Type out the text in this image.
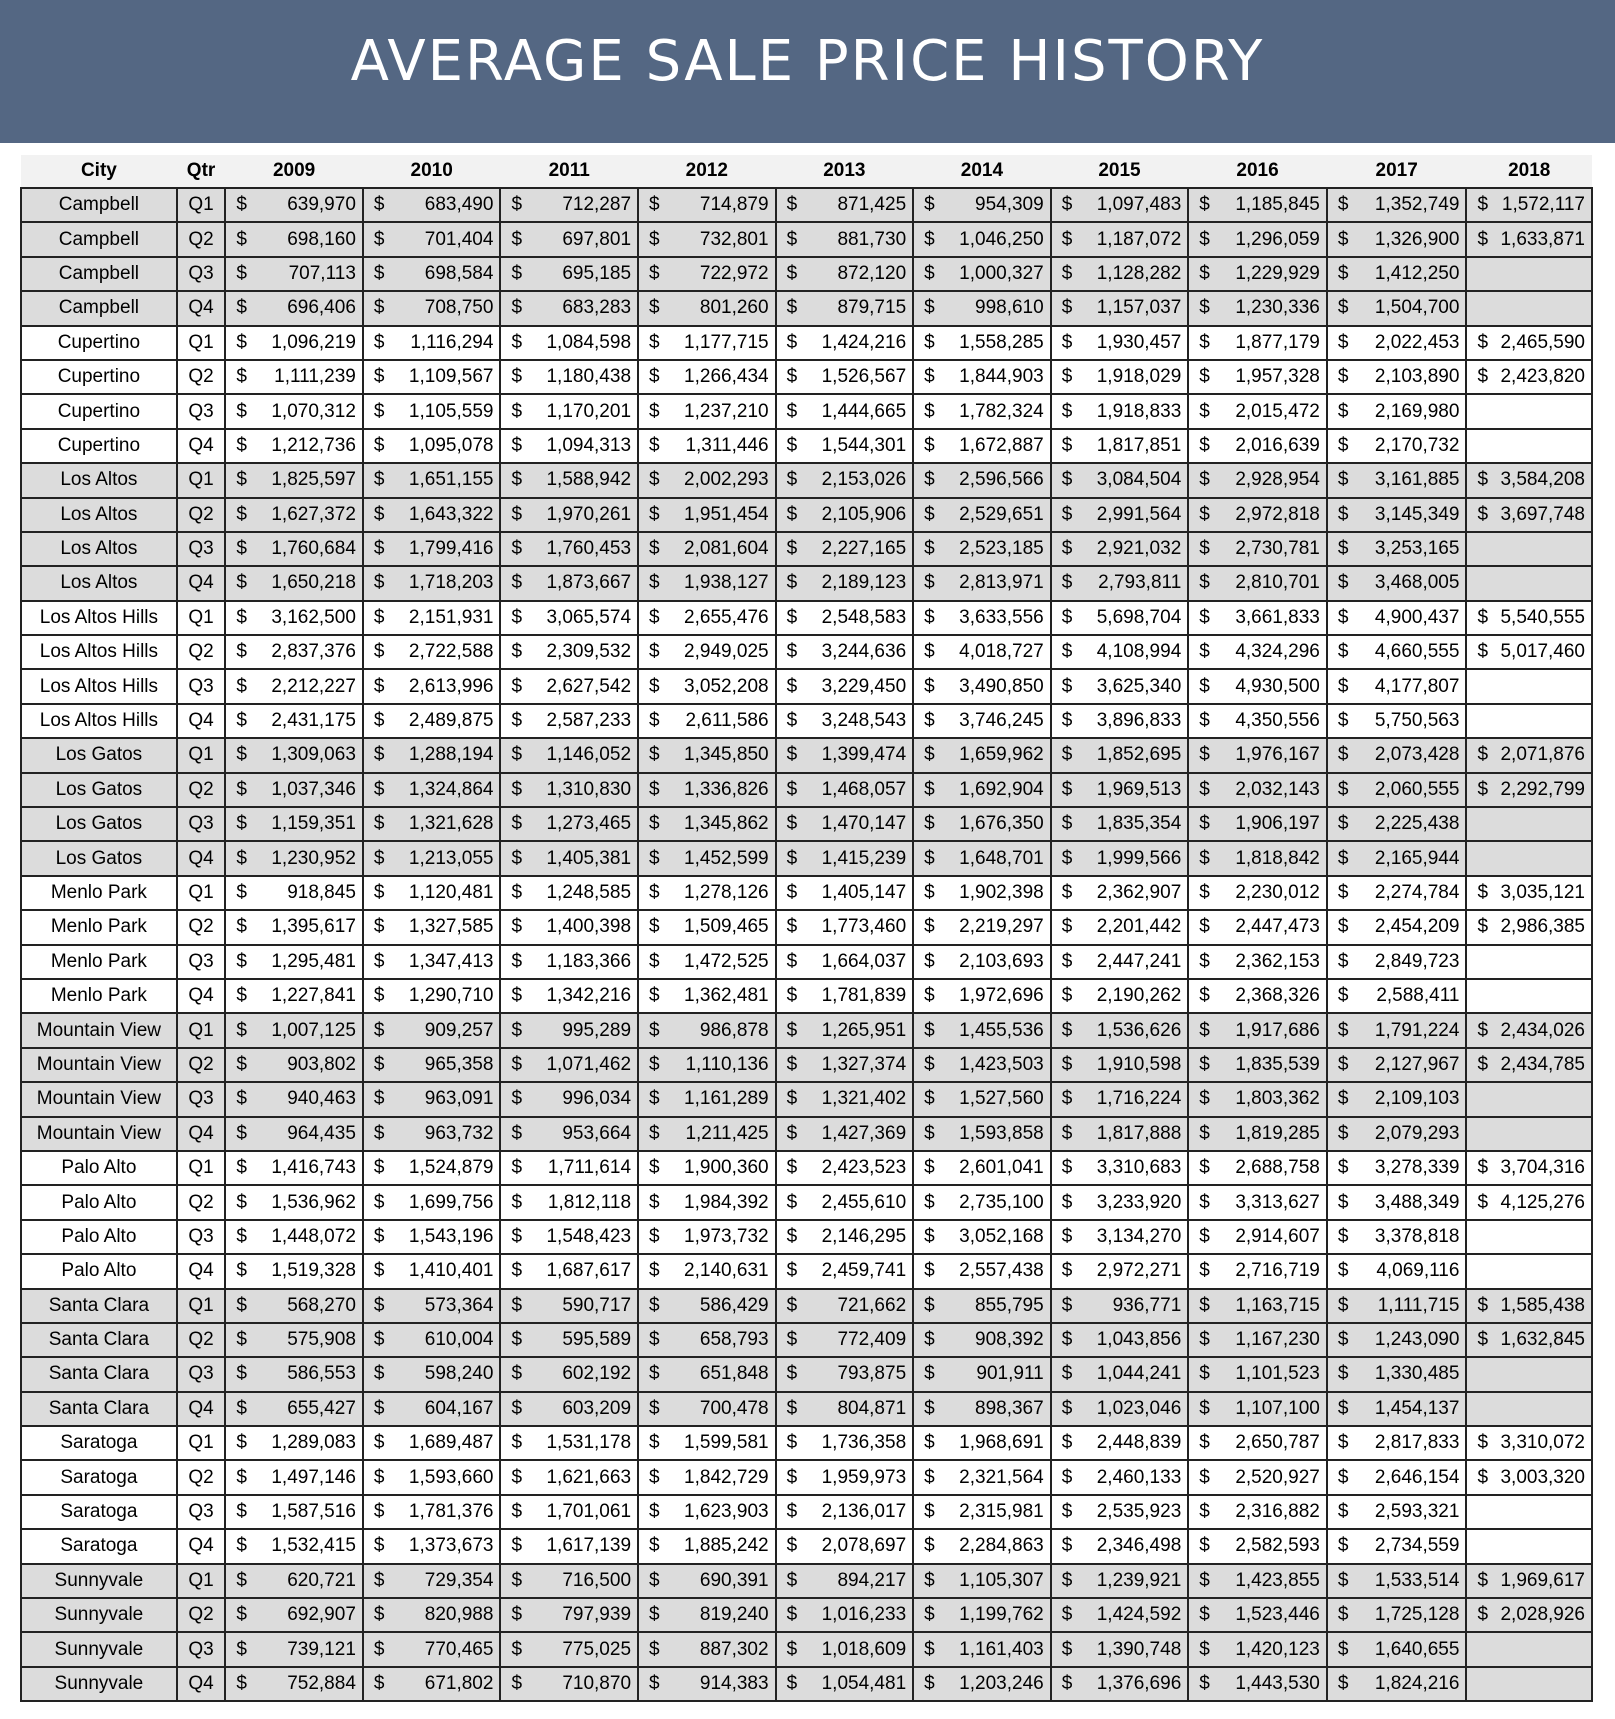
AVERAGE SALE PRICE HISTORY
City	Qtr	2009	2010	2011	2012	2013	2014	2015	2016	2017	2018
Campbell	Q1	$ 639,970	$ 683,490	$ 712,287	$ 714,879	$ 871,425	$ 954,309	$ 1,097,483	$ 1,185,845	$ 1,352,749	$ 1,572,117

Campbell	Q2	$ 698,160	$ 701,404	$ 697,801	$ 732,801	$ 881,730	$ 1,046,250	$ 1,187,072	$ 1,296,059	$ 1,326,900	$ 1,633,871

Campbell	Q3	$ 707,113	$ 698,584	$ 695,185	$ 722,972	$ 872,120	$ 1,000,327	$ 1,128,282	$ 1,229,929	$ 1,412,250	

Campbell	Q4	$ 696,406	$ 708,750	$ 683,283	$ 801,260	$ 879,715	$ 998,610	$ 1,157,037	$ 1,230,336	$ 1,504,700	

Cupertino	Q1	$ 1,096,219	$ 1,116,294	$ 1,084,598	$ 1,177,715	$ 1,424,216	$ 1,558,285	$ 1,930,457	$ 1,877,179	$ 2,022,453	$ 2,465,590

Cupertino	Q2	$ 1,111,239	$ 1,109,567	$ 1,180,438	$ 1,266,434	$ 1,526,567	$ 1,844,903	$ 1,918,029	$ 1,957,328	$ 2,103,890	$ 2,423,820

Cupertino	Q3	$ 1,070,312	$ 1,105,559	$ 1,170,201	$ 1,237,210	$ 1,444,665	$ 1,782,324	$ 1,918,833	$ 2,015,472	$ 2,169,980	

Cupertino	Q4	$ 1,212,736	$ 1,095,078	$ 1,094,313	$ 1,311,446	$ 1,544,301	$ 1,672,887	$ 1,817,851	$ 2,016,639	$ 2,170,732	

Los Altos	Q1	$ 1,825,597	$ 1,651,155	$ 1,588,942	$ 2,002,293	$ 2,153,026	$ 2,596,566	$ 3,084,504	$ 2,928,954	$ 3,161,885	$ 3,584,208

Los Altos	Q2	$ 1,627,372	$ 1,643,322	$ 1,970,261	$ 1,951,454	$ 2,105,906	$ 2,529,651	$ 2,991,564	$ 2,972,818	$ 3,145,349	$ 3,697,748

Los Altos	Q3	$ 1,760,684	$ 1,799,416	$ 1,760,453	$ 2,081,604	$ 2,227,165	$ 2,523,185	$ 2,921,032	$ 2,730,781	$ 3,253,165	

Los Altos	Q4	$ 1,650,218	$ 1,718,203	$ 1,873,667	$ 1,938,127	$ 2,189,123	$ 2,813,971	$ 2,793,811	$ 2,810,701	$ 3,468,005	

Los Altos Hills	Q1	$ 3,162,500	$ 2,151,931	$ 3,065,574	$ 2,655,476	$ 2,548,583	$ 3,633,556	$ 5,698,704	$ 3,661,833	$ 4,900,437	$ 5,540,555

Los Altos Hills	Q2	$ 2,837,376	$ 2,722,588	$ 2,309,532	$ 2,949,025	$ 3,244,636	$ 4,018,727	$ 4,108,994	$ 4,324,296	$ 4,660,555	$ 5,017,460

Los Altos Hills	Q3	$ 2,212,227	$ 2,613,996	$ 2,627,542	$ 3,052,208	$ 3,229,450	$ 3,490,850	$ 3,625,340	$ 4,930,500	$ 4,177,807	

Los Altos Hills	Q4	$ 2,431,175	$ 2,489,875	$ 2,587,233	$ 2,611,586	$ 3,248,543	$ 3,746,245	$ 3,896,833	$ 4,350,556	$ 5,750,563	

Los Gatos	Q1	$ 1,309,063	$ 1,288,194	$ 1,146,052	$ 1,345,850	$ 1,399,474	$ 1,659,962	$ 1,852,695	$ 1,976,167	$ 2,073,428	$ 2,071,876

Los Gatos	Q2	$ 1,037,346	$ 1,324,864	$ 1,310,830	$ 1,336,826	$ 1,468,057	$ 1,692,904	$ 1,969,513	$ 2,032,143	$ 2,060,555	$ 2,292,799

Los Gatos	Q3	$ 1,159,351	$ 1,321,628	$ 1,273,465	$ 1,345,862	$ 1,470,147	$ 1,676,350	$ 1,835,354	$ 1,906,197	$ 2,225,438	

Los Gatos	Q4	$ 1,230,952	$ 1,213,055	$ 1,405,381	$ 1,452,599	$ 1,415,239	$ 1,648,701	$ 1,999,566	$ 1,818,842	$ 2,165,944	

Menlo Park	Q1	$ 918,845	$ 1,120,481	$ 1,248,585	$ 1,278,126	$ 1,405,147	$ 1,902,398	$ 2,362,907	$ 2,230,012	$ 2,274,784	$ 3,035,121

Menlo Park	Q2	$ 1,395,617	$ 1,327,585	$ 1,400,398	$ 1,509,465	$ 1,773,460	$ 2,219,297	$ 2,201,442	$ 2,447,473	$ 2,454,209	$ 2,986,385

Menlo Park	Q3	$ 1,295,481	$ 1,347,413	$ 1,183,366	$ 1,472,525	$ 1,664,037	$ 2,103,693	$ 2,447,241	$ 2,362,153	$ 2,849,723	

Menlo Park	Q4	$ 1,227,841	$ 1,290,710	$ 1,342,216	$ 1,362,481	$ 1,781,839	$ 1,972,696	$ 2,190,262	$ 2,368,326	$ 2,588,411	

Mountain View	Q1	$ 1,007,125	$ 909,257	$ 995,289	$ 986,878	$ 1,265,951	$ 1,455,536	$ 1,536,626	$ 1,917,686	$ 1,791,224	$ 2,434,026

Mountain View	Q2	$ 903,802	$ 965,358	$ 1,071,462	$ 1,110,136	$ 1,327,374	$ 1,423,503	$ 1,910,598	$ 1,835,539	$ 2,127,967	$ 2,434,785

Mountain View	Q3	$ 940,463	$ 963,091	$ 996,034	$ 1,161,289	$ 1,321,402	$ 1,527,560	$ 1,716,224	$ 1,803,362	$ 2,109,103	

Mountain View	Q4	$ 964,435	$ 963,732	$ 953,664	$ 1,211,425	$ 1,427,369	$ 1,593,858	$ 1,817,888	$ 1,819,285	$ 2,079,293	

Palo Alto	Q1	$ 1,416,743	$ 1,524,879	$ 1,711,614	$ 1,900,360	$ 2,423,523	$ 2,601,041	$ 3,310,683	$ 2,688,758	$ 3,278,339	$ 3,704,316

Palo Alto	Q2	$ 1,536,962	$ 1,699,756	$ 1,812,118	$ 1,984,392	$ 2,455,610	$ 2,735,100	$ 3,233,920	$ 3,313,627	$ 3,488,349	$ 4,125,276

Palo Alto	Q3	$ 1,448,072	$ 1,543,196	$ 1,548,423	$ 1,973,732	$ 2,146,295	$ 3,052,168	$ 3,134,270	$ 2,914,607	$ 3,378,818	

Palo Alto	Q4	$ 1,519,328	$ 1,410,401	$ 1,687,617	$ 2,140,631	$ 2,459,741	$ 2,557,438	$ 2,972,271	$ 2,716,719	$ 4,069,116	

Santa Clara	Q1	$ 568,270	$ 573,364	$ 590,717	$ 586,429	$ 721,662	$ 855,795	$ 936,771	$ 1,163,715	$ 1,111,715	$ 1,585,438

Santa Clara	Q2	$ 575,908	$ 610,004	$ 595,589	$ 658,793	$ 772,409	$ 908,392	$ 1,043,856	$ 1,167,230	$ 1,243,090	$ 1,632,845

Santa Clara	Q3	$ 586,553	$ 598,240	$ 602,192	$ 651,848	$ 793,875	$ 901,911	$ 1,044,241	$ 1,101,523	$ 1,330,485	

Santa Clara	Q4	$ 655,427	$ 604,167	$ 603,209	$ 700,478	$ 804,871	$ 898,367	$ 1,023,046	$ 1,107,100	$ 1,454,137	

Saratoga	Q1	$ 1,289,083	$ 1,689,487	$ 1,531,178	$ 1,599,581	$ 1,736,358	$ 1,968,691	$ 2,448,839	$ 2,650,787	$ 2,817,833	$ 3,310,072

Saratoga	Q2	$ 1,497,146	$ 1,593,660	$ 1,621,663	$ 1,842,729	$ 1,959,973	$ 2,321,564	$ 2,460,133	$ 2,520,927	$ 2,646,154	$ 3,003,320

Saratoga	Q3	$ 1,587,516	$ 1,781,376	$ 1,701,061	$ 1,623,903	$ 2,136,017	$ 2,315,981	$ 2,535,923	$ 2,316,882	$ 2,593,321	

Saratoga	Q4	$ 1,532,415	$ 1,373,673	$ 1,617,139	$ 1,885,242	$ 2,078,697	$ 2,284,863	$ 2,346,498	$ 2,582,593	$ 2,734,559	

Sunnyvale	Q1	$ 620,721	$ 729,354	$ 716,500	$ 690,391	$ 894,217	$ 1,105,307	$ 1,239,921	$ 1,423,855	$ 1,533,514	$ 1,969,617

Sunnyvale	Q2	$ 692,907	$ 820,988	$ 797,939	$ 819,240	$ 1,016,233	$ 1,199,762	$ 1,424,592	$ 1,523,446	$ 1,725,128	$ 2,028,926

Sunnyvale	Q3	$ 739,121	$ 770,465	$ 775,025	$ 887,302	$ 1,018,609	$ 1,161,403	$ 1,390,748	$ 1,420,123	$ 1,640,655	

Sunnyvale	Q4	$ 752,884	$ 671,802	$ 710,870	$ 914,383	$ 1,054,481	$ 1,203,246	$ 1,376,696	$ 1,443,530	$ 1,824,216	
